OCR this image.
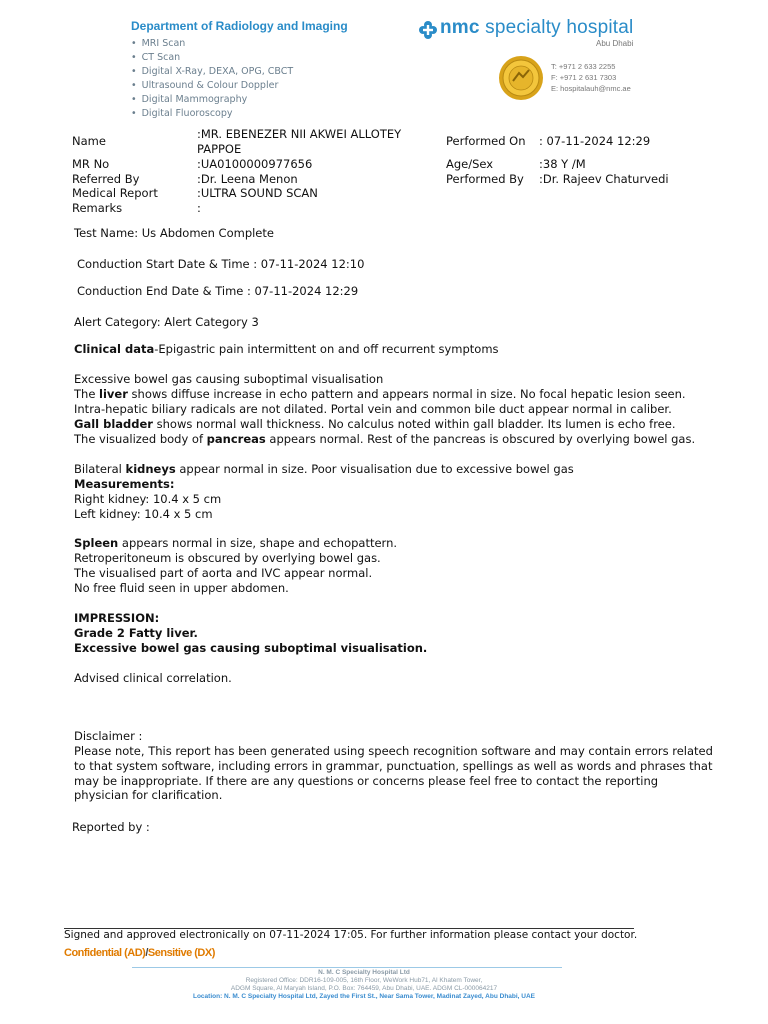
Department of Radiology and Imaging
• MRI Scan
• CT Scan
• Digital X-Ray, DEXA, OPG, CBCT
• Ultrasound & Colour Doppler
• Digital Mammography
• Digital Fluoroscopy
nmc specialty hospital
Abu Dhabi
T: +971 2 633 2255
F: +971 2 631 7303
E: hospitalauh@nmc.ae
Name	:MR. EBENEZER NII AKWEI ALLOTEY
PAPPOE
MR No	:UA0100000977656
Referred By	:Dr. Leena Menon
Medical Report	:ULTRA SOUND SCAN
Remarks	:
Performed On : 07-11-2024 12:29
Age/Sex	:38 Y /M
Performed By :Dr. Rajeev Chaturvedi
Test Name: Us Abdomen Complete
Conduction Start Date & Time : 07-11-2024 12:10
Conduction End Date & Time : 07-11-2024 12:29
Alert Category: Alert Category 3
Clinical data-Epigastric pain intermittent on and off recurrent symptoms
Excessive bowel gas causing suboptimal visualisation
The liver shows diffuse increase in echo pattern and appears normal in size. No focal hepatic lesion seen.
Intra-hepatic biliary radicals are not dilated. Portal vein and common bile duct appear normal in caliber.
Gall bladder shows normal wall thickness. No calculus noted within gall bladder. Its lumen is echo free.
The visualized body of pancreas appears normal. Rest of the pancreas is obscured by overlying bowel gas.
Bilateral kidneys appear normal in size. Poor visualisation due to excessive bowel gas
Measurements:
Right kidney: 10.4 x 5 cm
Left kidney: 10.4 x 5 cm
Spleen appears normal in size, shape and echopattern.
Retroperitoneum is obscured by overlying bowel gas.
The visualised part of aorta and IVC appear normal.
No free fluid seen in upper abdomen.
IMPRESSION:
Grade 2 Fatty liver.
Excessive bowel gas causing suboptimal visualisation.
Advised clinical correlation.
Disclaimer :
Please note, This report has been generated using speech recognition software and may contain errors related to that system software, including errors in grammar, punctuation, spellings as well as words and phrases that may be inappropriate. If there are any questions or concerns please feel free to contact the reporting physician for clarification.
Reported by :
Signed and approved electronically on 07-11-2024 17:05. For further information please contact your doctor.
Confidential (AD)/Sensitive (DX)
N. M. C Specialty Hospital Ltd
Registered Office: DDR16-109-005, 16th Floor, WeWork Hub71, Al Khatem Tower,
ADGM Square, Al Maryah Island, P.O. Box: 764459, Abu Dhabi, UAE. ADGM CL-000064217
Location: N. M. C Specialty Hospital Ltd, Zayed the First St., Near Sama Tower, Madinat Zayed, Abu Dhabi, UAE
